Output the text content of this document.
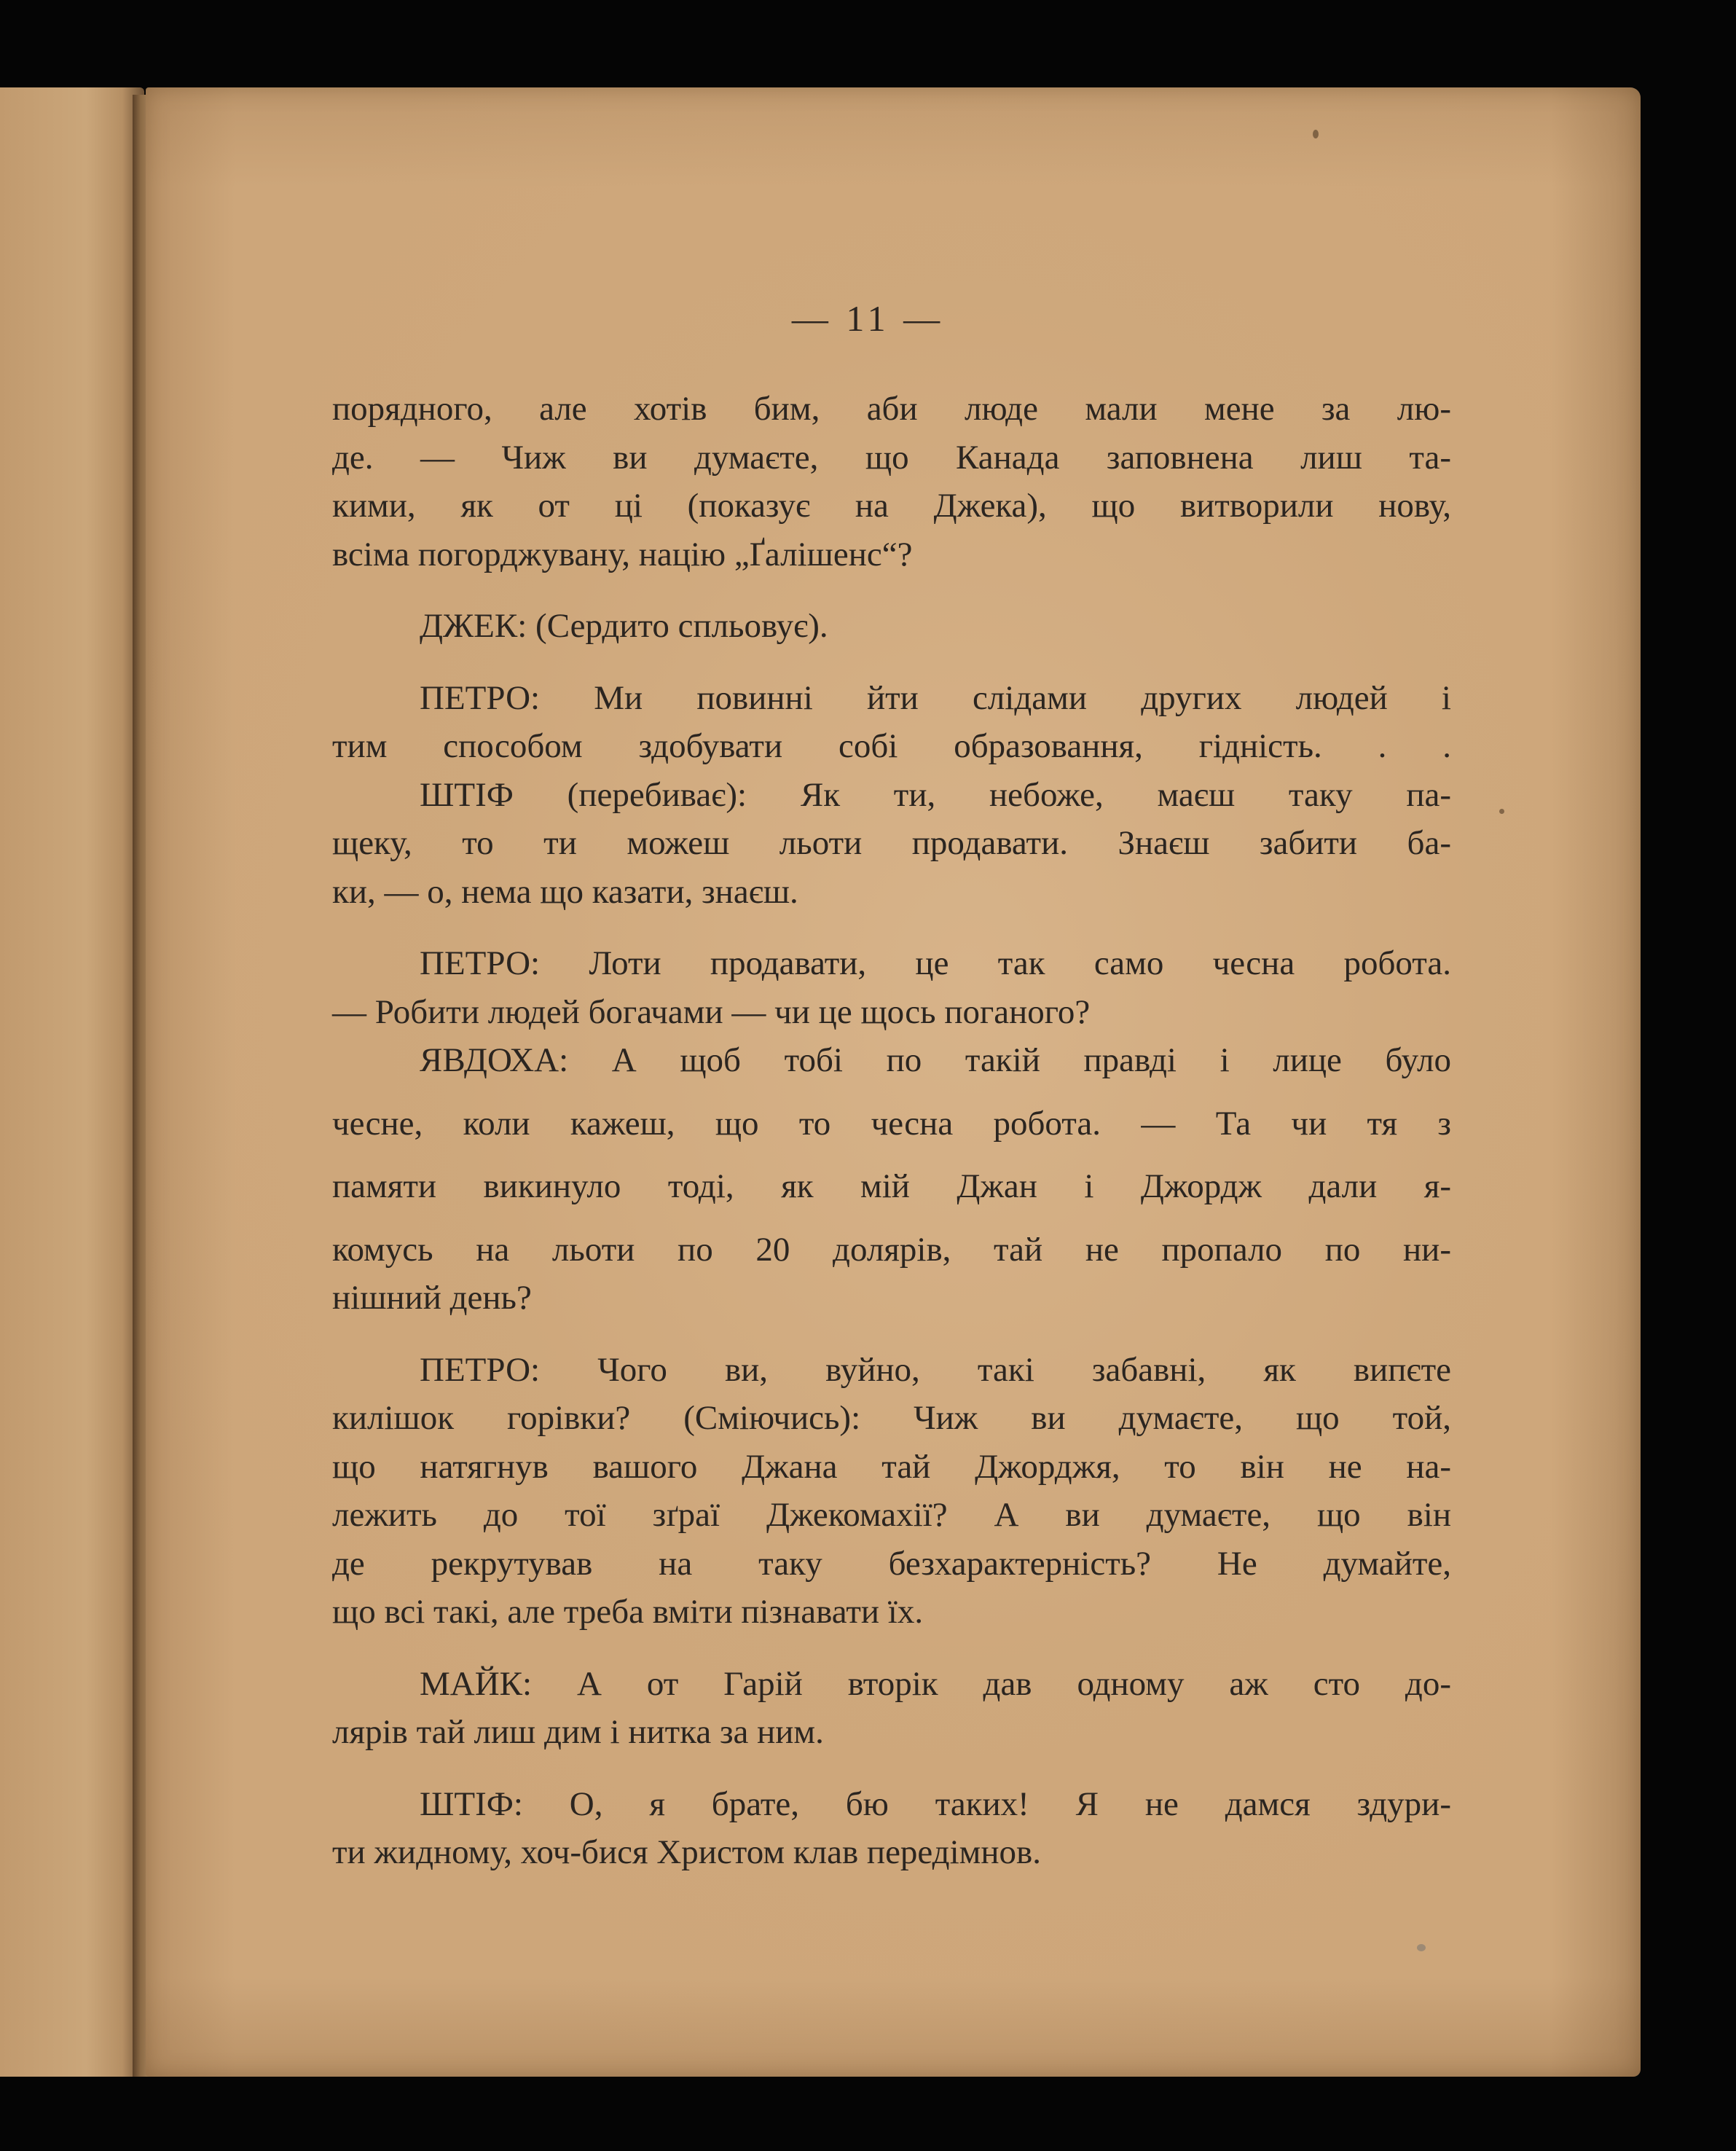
— 11 —
порядного, але хотів бим, аби люде мали мене за лю-
де. — Чиж ви думаєте, що Канада заповнена лиш та-
кими, як от ці (показує на Джека), що витворили нову,
всіма погорджувану, націю „Ґалішенс“?
ДЖЕК: (Сердито спльовує).
ПЕТРО: Ми повинні йти слідами других людей і
тим способом здобувати собі образовання, гідність. . .
ШТІФ (перебиває): Як ти, небоже, маєш таку па-
щеку, то ти можеш льоти продавати. Знаєш забити ба-
ки, — о, нема що казати, знаєш.
ПЕТРО: Лоти продавати, це так само чесна робота.
— Робити людей богачами — чи це щось поганого?
ЯВДОХА: А щоб тобі по такій правді і лице було
чесне, коли кажеш, що то чесна робота. — Та чи тя з
памяти викинуло тоді, як мій Джан і Джордж дали я-
комусь на льоти по 20 долярів, тай не пропало по ни-
нішний день?
ПЕТРО: Чого ви, вуйно, такі забавні, як випєте
килішок горівки? (Сміючись): Чиж ви думаєте, що той,
що натягнув вашого Джана тай Джорджя, то він не на-
лежить до тої зґраї Джекомахії? А ви думаєте, що він
де рекрутував на таку безхарактерність? Не думайте,
що всі такі, але треба вміти пізнавати їх.
МАЙК: А от Гарій вторік дав одному аж сто до-
лярів тай лиш дим і нитка за ним.
ШТІФ: О, я брате, бю таких! Я не дамся здури-
ти жидному, хоч-бися Христом клав передімнов.
